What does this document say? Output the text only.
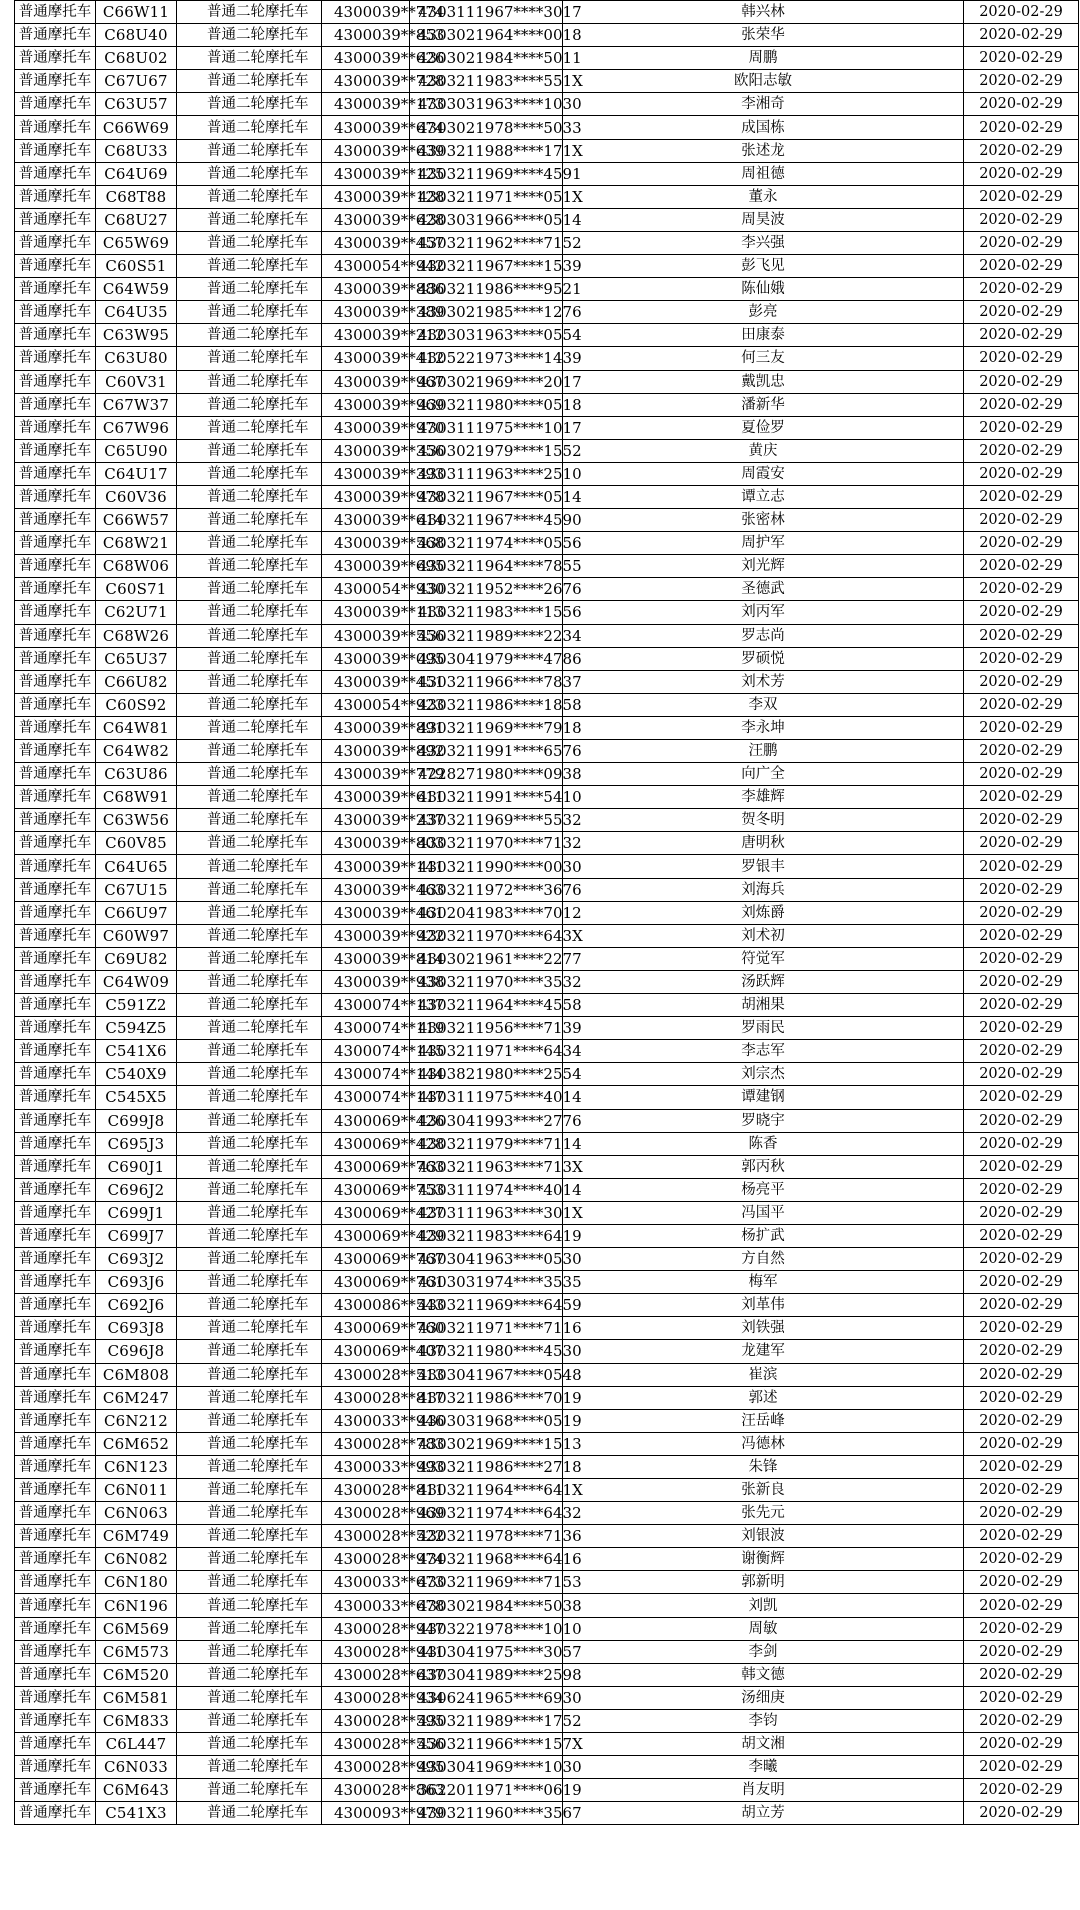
普通摩托车	C66W11	普通二轮摩托车	4300039**774	4303111967****3017	韩兴林	2020-02-29
普通摩托车	C68U40	普通二轮摩托车	4300039**853	4303021964****0018	张荣华	2020-02-29
普通摩托车	C68U02	普通二轮摩托车	4300039**626	4303021984****5011	周鹏	2020-02-29
普通摩托车	C67U67	普通二轮摩托车	4300039**728	4303211983****551X	欧阳志敏	2020-02-29
普通摩托车	C63U57	普通二轮摩托车	4300039**173	4303031963****1030	李湘奇	2020-02-29
普通摩托车	C66W69	普通二轮摩托车	4300039**674	4303021978****5033	成国栋	2020-02-29
普通摩托车	C68U33	普通二轮摩托车	4300039**639	4303211988****171X	张述龙	2020-02-29
普通摩托车	C64U69	普通二轮摩托车	4300039**125	4303211969****4591	周祖德	2020-02-29
普通摩托车	C68T88	普通二轮摩托车	4300039**128	4303211971****051X	董永	2020-02-29
普通摩托车	C68U27	普通二轮摩托车	4300039**628	4303031966****0514	周昊波	2020-02-29
普通摩托车	C65W69	普通二轮摩托车	4300039**457	4303211962****7152	李兴强	2020-02-29
普通摩托车	C60S51	普通二轮摩托车	4300054**942	4303211967****1539	彭飞见	2020-02-29
普通摩托车	C64W59	普通二轮摩托车	4300039**886	4303211986****9521	陈仙娥	2020-02-29
普通摩托车	C64U35	普通二轮摩托车	4300039**389	4303021985****1276	彭亮	2020-02-29
普通摩托车	C63W95	普通二轮摩托车	4300039**212	4303031963****0554	田康泰	2020-02-29
普通摩托车	C63U80	普通二轮摩托车	4300039**412	4305221973****1439	何三友	2020-02-29
普通摩托车	C60V31	普通二轮摩托车	4300039**967	4303021969****2017	戴凯忠	2020-02-29
普通摩托车	C67W37	普通二轮摩托车	4300039**969	4303211980****0518	潘新华	2020-02-29
普通摩托车	C67W96	普通二轮摩托车	4300039**970	4303111975****1017	夏俭罗	2020-02-29
普通摩托车	C65U90	普通二轮摩托车	4300039**356	4303021979****1552	黄庆	2020-02-29
普通摩托车	C64U17	普通二轮摩托车	4300039**393	4303111963****2510	周霞安	2020-02-29
普通摩托车	C60V36	普通二轮摩托车	4300039**978	4303211967****0514	谭立志	2020-02-29
普通摩托车	C66W57	普通二轮摩托车	4300039**614	4303211967****4590	张密林	2020-02-29
普通摩托车	C68W21	普通二轮摩托车	4300039**568	4303211974****0556	周护军	2020-02-29
普通摩托车	C68W06	普通二轮摩托车	4300039**695	4303211964****7855	刘光辉	2020-02-29
普通摩托车	C60S71	普通二轮摩托车	4300054**930	4303211952****2676	圣德武	2020-02-29
普通摩托车	C62U71	普通二轮摩托车	4300039**113	4303211983****1556	刘丙军	2020-02-29
普通摩托车	C68W26	普通二轮摩托车	4300039**556	4303211989****2234	罗志尚	2020-02-29
普通摩托车	C65U37	普通二轮摩托车	4300039**095	4303041979****4786	罗硕悦	2020-02-29
普通摩托车	C66U82	普通二轮摩托车	4300039**451	4303211966****7837	刘术芳	2020-02-29
普通摩托车	C60S92	普通二轮摩托车	4300054**923	4303211986****1858	李双	2020-02-29
普通摩托车	C64W81	普通二轮摩托车	4300039**891	4303211969****7918	李永坤	2020-02-29
普通摩托车	C64W82	普通二轮摩托车	4300039**892	4303211991****6576	汪鹏	2020-02-29
普通摩托车	C63U86	普通二轮摩托车	4300039**779	4228271980****0938	向广全	2020-02-29
普通摩托车	C68W91	普通二轮摩托车	4300039**611	4303211991****5410	李雄辉	2020-02-29
普通摩托车	C63W56	普通二轮摩托车	4300039**237	4303211969****5532	贺冬明	2020-02-29
普通摩托车	C60V85	普通二轮摩托车	4300039**803	4303211970****7132	唐明秋	2020-02-29
普通摩托车	C64U65	普通二轮摩托车	4300039**141	4303211990****0030	罗银丰	2020-02-29
普通摩托车	C67U15	普通二轮摩托车	4300039**463	4303211972****3676	刘海兵	2020-02-29
普通摩托车	C66U97	普通二轮摩托车	4300039**461	4302041983****7012	刘炼爵	2020-02-29
普通摩托车	C60W97	普通二轮摩托车	4300039**922	4303211970****643X	刘术初	2020-02-29
普通摩托车	C69U82	普通二轮摩托车	4300039**814	4303021961****2277	符觉军	2020-02-29
普通摩托车	C64W09	普通二轮摩托车	4300039**938	4303211970****3532	汤跃辉	2020-02-29
普通摩托车	C591Z2	普通二轮摩托车	4300074**137	4303211964****4558	胡湘果	2020-02-29
普通摩托车	C594Z5	普通二轮摩托车	4300074**119	4303211956****7139	罗雨民	2020-02-29
普通摩托车	C541X6	普通二轮摩托车	4300074**145	4303211971****6434	李志军	2020-02-29
普通摩托车	C540X9	普通二轮摩托车	4300074**144	4303821980****2554	刘宗杰	2020-02-29
普通摩托车	C545X5	普通二轮摩托车	4300074**147	4303111975****4014	谭建钢	2020-02-29
普通摩托车	C699J8	普通二轮摩托车	4300069**426	4303041993****2776	罗晓宇	2020-02-29
普通摩托车	C695J3	普通二轮摩托车	4300069**428	4303211979****7114	陈香	2020-02-29
普通摩托车	C690J1	普通二轮摩托车	4300069**763	4303211963****713X	郭丙秋	2020-02-29
普通摩托车	C696J2	普通二轮摩托车	4300069**753	4303111974****4014	杨亮平	2020-02-29
普通摩托车	C699J1	普通二轮摩托车	4300069**427	4303111963****301X	冯国平	2020-02-29
普通摩托车	C699J7	普通二轮摩托车	4300069**429	4303211983****6419	杨扩武	2020-02-29
普通摩托车	C693J2	普通二轮摩托车	4300069**767	4303041963****0530	方自然	2020-02-29
普通摩托车	C693J6	普通二轮摩托车	4300069**761	4303031974****3535	梅军	2020-02-29
普通摩托车	C692J6	普通二轮摩托车	4300086**543	4303211969****6459	刘革伟	2020-02-29
普通摩托车	C693J8	普通二轮摩托车	4300069**760	4303211971****7116	刘铁强	2020-02-29
普通摩托车	C696J8	普通二轮摩托车	4300069**407	4303211980****4530	龙建军	2020-02-29
普通摩托车	C6M808	普通二轮摩托车	4300028**513	4303041967****0548	崔滨	2020-02-29
普通摩托车	C6M247	普通二轮摩托车	4300028**817	4303211986****7019	郭述	2020-02-29
普通摩托车	C6N212	普通二轮摩托车	4300033**946	4303031968****0519	汪岳峰	2020-02-29
普通摩托车	C6M652	普通二轮摩托车	4300028**783	4303021969****1513	冯德林	2020-02-29
普通摩托车	C6N123	普通二轮摩托车	4300033**993	4303211986****2718	朱锋	2020-02-29
普通摩托车	C6N011	普通二轮摩托车	4300028**811	4303211964****641X	张新良	2020-02-29
普通摩托车	C6N063	普通二轮摩托车	4300028**969	4303211974****6432	张先元	2020-02-29
普通摩托车	C6M749	普通二轮摩托车	4300028**522	4303211978****7136	刘银波	2020-02-29
普通摩托车	C6N082	普通二轮摩托车	4300028**974	4303211968****6416	谢衡辉	2020-02-29
普通摩托车	C6N180	普通二轮摩托车	4300033**673	4303211969****7153	郭新明	2020-02-29
普通摩托车	C6N196	普通二轮摩托车	4300033**678	4303021984****5038	刘凯	2020-02-29
普通摩托车	C6M569	普通二轮摩托车	4300028**947	4303221978****1010	周敏	2020-02-29
普通摩托车	C6M573	普通二轮摩托车	4300028**941	4303041975****3057	李剑	2020-02-29
普通摩托车	C6M520	普通二轮摩托车	4300028**637	4303041989****2598	韩文德	2020-02-29
普通摩托车	C6M581	普通二轮摩托车	4300028**934	4306241965****6930	汤细庚	2020-02-29
普通摩托车	C6M833	普通二轮摩托车	4300028**595	4303211989****1752	李钧	2020-02-29
普通摩托车	C6L447	普通二轮摩托车	4300028**556	4303211966****157X	胡文湘	2020-02-29
普通摩托车	C6N033	普通二轮摩托车	4300028**995	4303041969****1030	李曦	2020-02-29
普通摩托车	C6M643	普通二轮摩托车	4300028**863	3622011971****0619	肖友明	2020-02-29
普通摩托车	C541X3	普通二轮摩托车	4300093**979	4303211960****3567	胡立芳	2020-02-29
